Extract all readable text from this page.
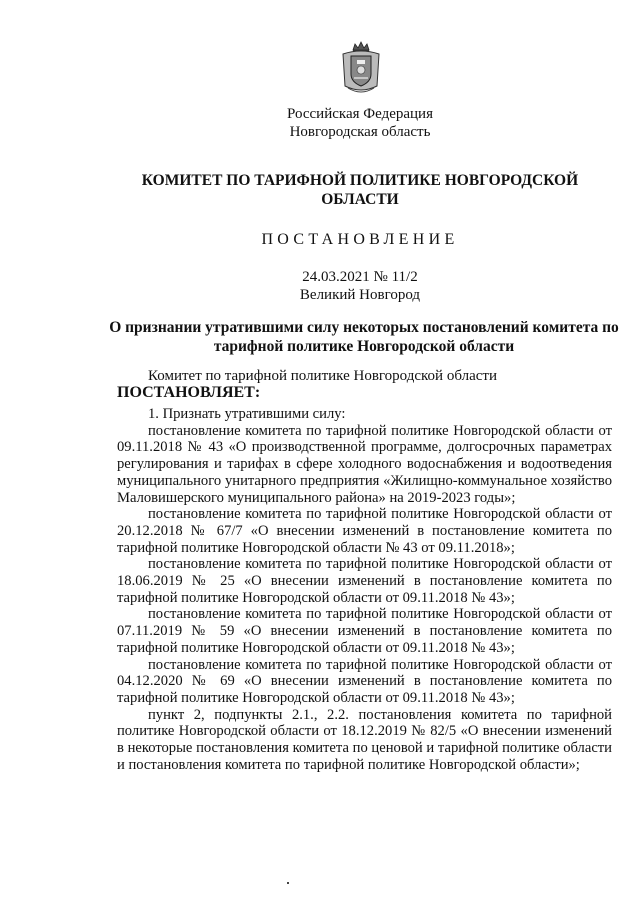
Российская Федерация
Новгородская область
КОМИТЕТ ПО ТАРИФНОЙ ПОЛИТИКЕ НОВГОРОДСКОЙ ОБЛАСТИ
ПОСТАНОВЛЕНИЕ
24.03.2021 № 11/2
Великий Новгород
О признании утратившими силу некоторых постановлений комитета по тарифной политике Новгородской области
Комитет по тарифной политике Новгородской области
ПОСТАНОВЛЯЕТ:

1. Признать утратившими силу:

постановление комитета по тарифной политике Новгородской области от 09.11.2018 № 43 «О производственной программе, долгосрочных параметрах регулирования и тарифах в сфере холодного водоснабжения и водоотведения муниципального унитарного предприятия «Жилищно-коммунальное хозяйство Маловишерского муниципального района» на 2019-2023 годы»;

постановление комитета по тарифной политике Новгородской области от 20.12.2018 № 67/7 «О внесении изменений в постановление комитета по тарифной политике Новгородской области № 43 от 09.11.2018»;

постановление комитета по тарифной политике Новгородской области от 18.06.2019 № 25 «О внесении изменений в постановление комитета по тарифной политике Новгородской области от 09.11.2018 № 43»;

постановление комитета по тарифной политике Новгородской области от 07.11.2019 № 59 «О внесении изменений в постановление комитета по тарифной политике Новгородской области от 09.11.2018 № 43»;

постановление комитета по тарифной политике Новгородской области от 04.12.2020 № 69 «О внесении изменений в постановление комитета по тарифной политике Новгородской области от 09.11.2018 № 43»;

пункт 2, подпункты 2.1., 2.2. постановления комитета по тарифной политике Новгородской области от 18.12.2019 № 82/5 «О внесении изменений в некоторые постановления комитета по ценовой и тарифной политике области и постановления комитета по тарифной политике Новгородской области»;
